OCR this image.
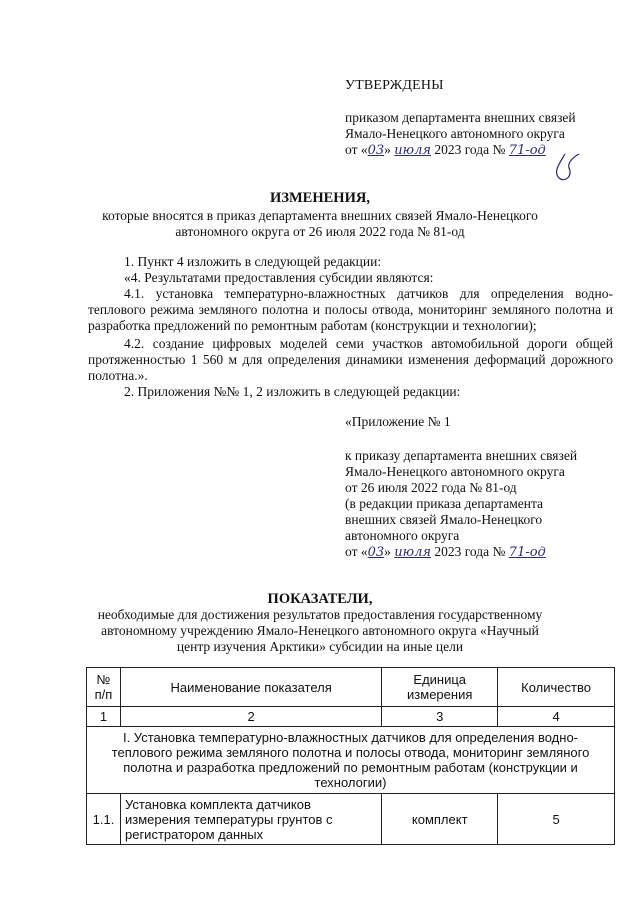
УТВЕРЖДЕНЫ
приказом департамента внешних связей
Ямало-Ненецкого автономного округа
от «03» июля 2023 года № 71-од
ИЗМЕНЕНИЯ,
которые вносятся в приказ департамента внешних связей Ямало-Ненецкого
автономного округа от 26 июля 2022 года № 81-од
1. Пункт 4 изложить в следующей редакции:
«4. Результатами предоставления субсидии являются:
4.1. установка температурно-влажностных датчиков для определения водно-теплового режима земляного полотна и полосы отвода, мониторинг земляного полотна и разработка предложений по ремонтным работам (конструкции и технологии);
4.2. создание цифровых моделей семи участков автомобильной дороги общей протяженностью 1 560 м для определения динамики изменения деформаций дорожного полотна.».
2. Приложения №№ 1, 2 изложить в следующей редакции:
«Приложение № 1
к приказу департамента внешних связей
Ямало-Ненецкого автономного округа
от 26 июля 2022 года № 81-од
(в редакции приказа департамента
внешних связей Ямало-Ненецкого
автономного округа
от «03» июля 2023 года № 71-од
ПОКАЗАТЕЛИ,
необходимые для достижения результатов предоставления государственному
автономному учреждению Ямало-Ненецкого автономного округа «Научный
центр изучения Арктики» субсидии на иные цели
№ п/п	Наименование показателя	Единица измерения	Количество
1	2	3	4
I. Установка температурно-влажностных датчиков для определения водно-теплового режима земляного полотна и полосы отвода, мониторинг земляного полотна и разработка предложений по ремонтным работам (конструкции и технологии)			
1.1.	Установка комплекта датчиков измерения температуры грунтов с регистратором данных	комплект	5
